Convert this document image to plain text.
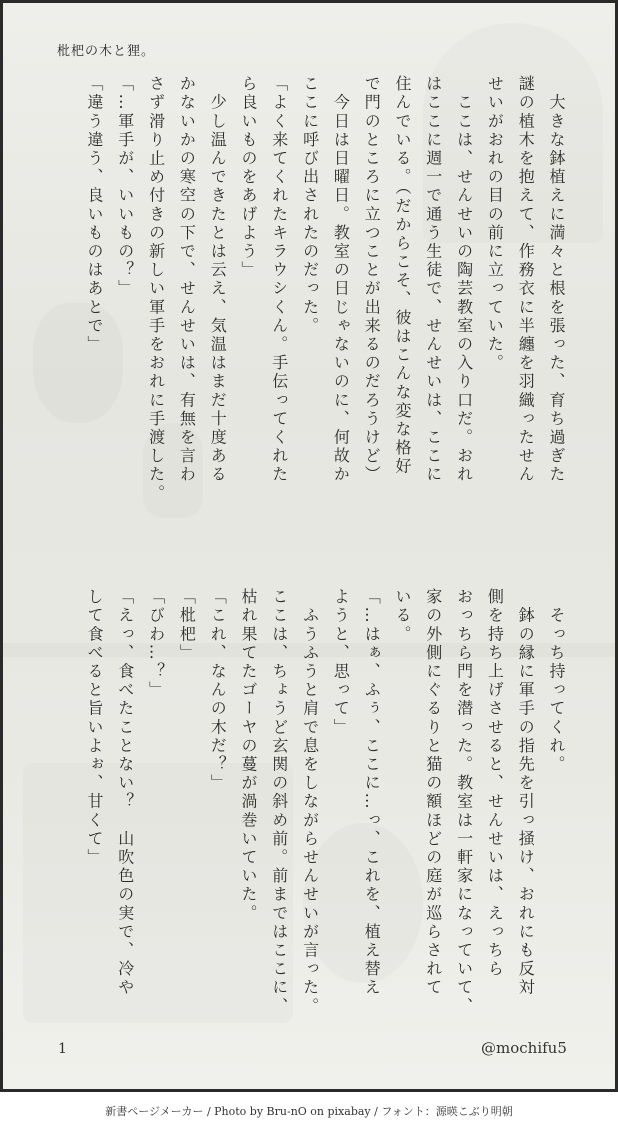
枇杷の木と狸。
　大きな鉢植えに満々と根を張った、育ち過ぎた
謎の植木を抱えて、作務衣に半纏を羽織ったせん
せいがおれの目の前に立っていた。
　ここは、せんせいの陶芸教室の入り口だ。おれ
はここに週一で通う生徒で、せんせいは、ここに
住んでいる。（だからこそ、彼はこんな変な格好
で門のところに立つことが出来るのだろうけど）
　今日は日曜日。教室の日じゃないのに、何故か
ここに呼び出されたのだった。
「よく来てくれたキラウシくん。手伝ってくれた
ら良いものをあげよう」
　少し温んできたとは云え、気温はまだ十度ある
かないかの寒空の下で、せんせいは、有無を言わ
さず滑り止め付きの新しい軍手をおれに手渡した。
「…軍手が、いいもの？」
「違う違う、良いものはあとで」
　そっち持ってくれ。
　鉢の縁に軍手の指先を引っ掻け、おれにも反対
側を持ち上げさせると、せんせいは、えっちら
おっちら門を潜った。教室は一軒家になっていて、
家の外側にぐるりと猫の額ほどの庭が巡らされて
いる。
「…はぁ、ふぅ、ここに…っ、これを、植え替え
ようと、思って」
　ふうふうと肩で息をしながらせんせいが言った。
ここは、ちょうど玄関の斜め前。前まではここに、
枯れ果てたゴーヤの蔓が渦巻いていた。
「これ、なんの木だ？」
「枇杷」
「びわ…？」
「えっ、食べたことない？　山吹色の実で、冷や
して食べると旨いよぉ、甘くて」
1	@mochifu5
新書ページメーカー / Photo by Bru-nO on pixabay / フォント：源暎こぶり明朝
